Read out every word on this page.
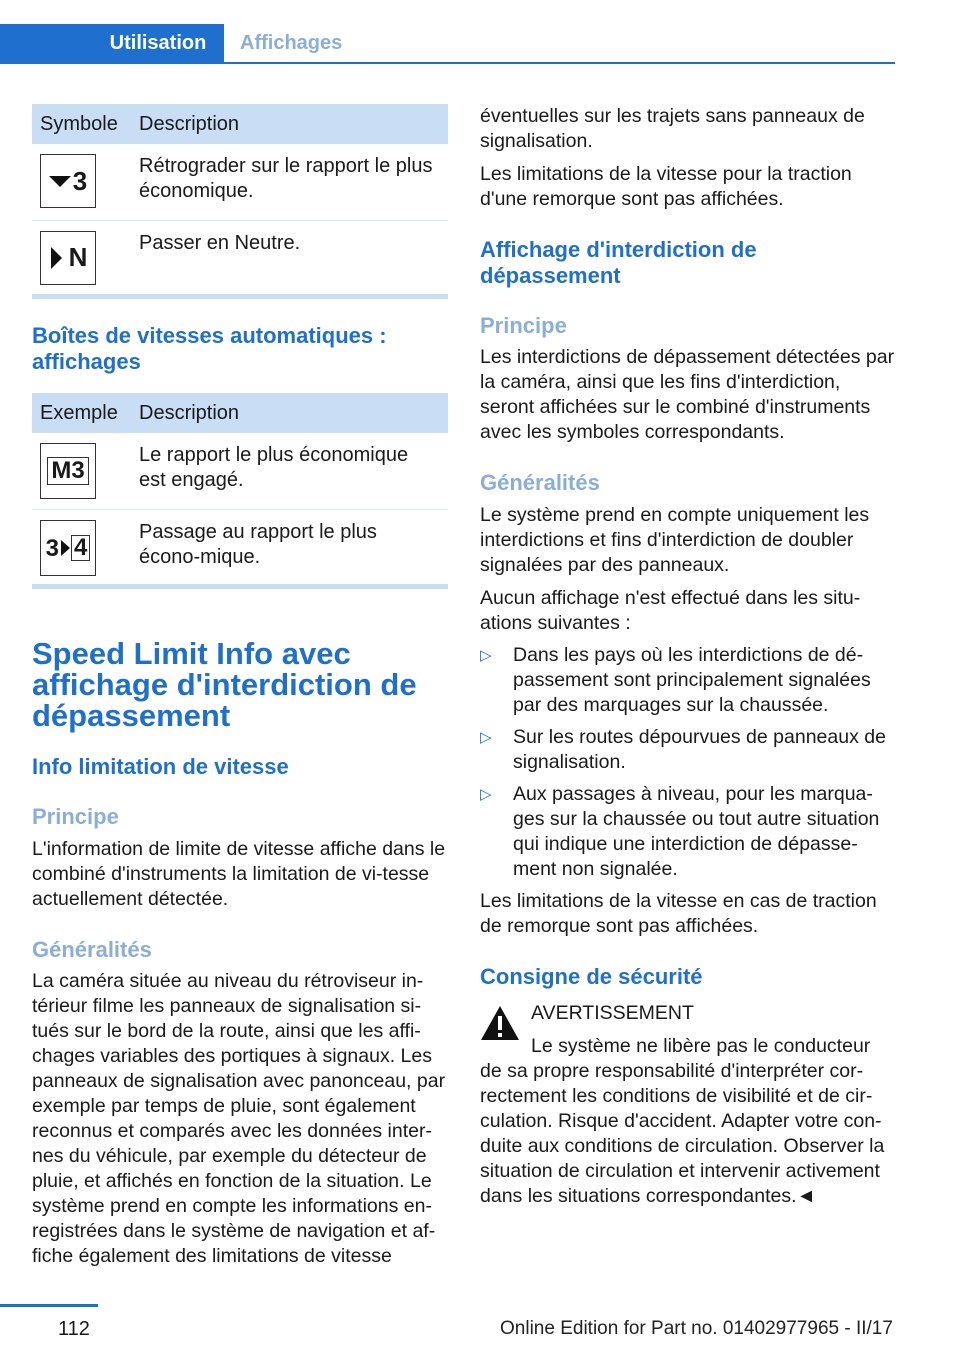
Utilisation	Affichages
Symbole	Description

3	Rétrograder sur le rapport le plus économique.

N	Passer en Neutre.
Boîtes de vitesses automatiques : affichages
Exemple	Description

M3	Le rapport le plus économique est engagé.

3 4	Passage au rapport le plus écono-mique.
Speed Limit Info avec affichage d'interdiction de dépassement
Info limitation de vitesse
Principe
L'information de limite de vitesse affiche dans le combiné d'instruments la limitation de vi-tesse actuellement détectée.
Généralités
La caméra située au niveau du rétroviseur in-térieur filme les panneaux de signalisation si-tués sur le bord de la route, ainsi que les affi-chages variables des portiques à signaux. Les panneaux de signalisation avec panonceau, par exemple par temps de pluie, sont également reconnus et comparés avec les données inter-nes du véhicule, par exemple du détecteur de pluie, et affichés en fonction de la situation. Le système prend en compte les informations en-registrées dans le système de navigation et af-fiche également des limitations de vitesse
éventuelles sur les trajets sans panneaux de signalisation.
Les limitations de la vitesse pour la traction d'une remorque sont pas affichées.
Affichage d'interdiction de dépassement
Principe
Les interdictions de dépassement détectées par la caméra, ainsi que les fins d'interdiction, seront affichées sur le combiné d'instruments avec les symboles correspondants.
Généralités
Le système prend en compte uniquement les interdictions et fins d'interdiction de doubler signalées par des panneaux.
Aucun affichage n'est effectué dans les situ-ations suivantes :
▷ Dans les pays où les interdictions de dé-passement sont principalement signalées par des marquages sur la chaussée.
▷ Sur les routes dépourvues de panneaux de signalisation.
▷ Aux passages à niveau, pour les marqua-ges sur la chaussée ou tout autre situation qui indique une interdiction de dépasse-ment non signalée.
Les limitations de la vitesse en cas de traction de remorque sont pas affichées.
Consigne de sécurité
AVERTISSEMENT
Le système ne libère pas le conducteur
de sa propre responsabilité d'interpréter cor-rectement les conditions de visibilité et de cir-culation. Risque d'accident. Adapter votre con-duite aux conditions de circulation. Observer la situation de circulation et intervenir activement dans les situations correspondantes.◄
112	Online Edition for Part no. 01402977965 - II/17
